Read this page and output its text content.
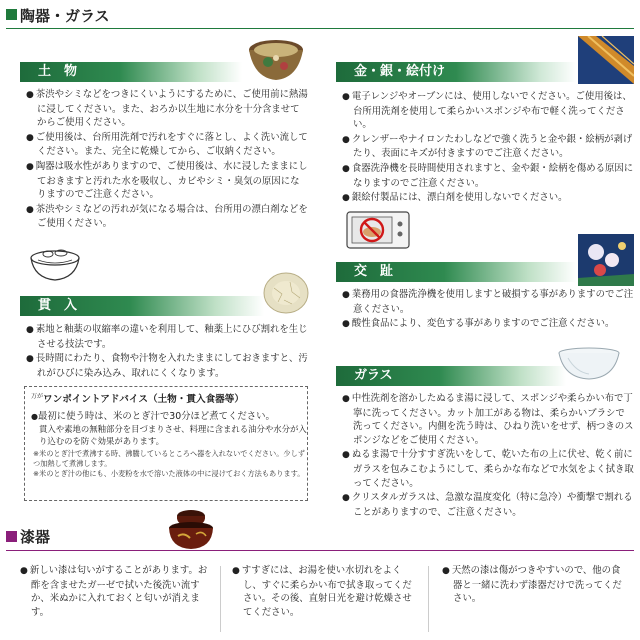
陶器・ガラス
土　物

● 茶渋やシミなどをつきにくいようにするために、ご使用前に熱湯に浸してください。また、おろか以生地に水分を十分含ませてからご使用ください。

● ご使用後は、台所用洗剤で汚れをすぐに落とし、よく洗い流してください。また、完全に乾燥してから、ご収納ください。

● 陶器は吸水性がありますので、ご使用後は、水に浸したままにしておきますと汚れた水を吸収し、カビやシミ・臭気の原因になりますのでご注意ください。

● 茶渋やシミなどの汚れが気になる場合は、台所用の漂白剤などをご使用ください。

貫　入

● 素地と釉薬の収縮率の違いを利用して、釉薬上にひび割れを生じさせる技法です。

● 長時間にわたり、食物や汁物を入れたままにしておきますと、汚れがひびに染み込み、取れにくくなります。

$^{万が}$ワンポイントアドバイス（土物・貫入食器等）
●最初に使う時は、米のとぎ汁で30分ほど煮てください。
貫入や素地の無釉部分を目づまりさせ、料理に含まれる油分や水分が入り込むのを防ぐ効果があります。
※米のとぎ汁で煮沸する時、沸騰しているところへ器を入れないでください。少しずつ加熱して煮沸します。
※米のとぎ汁の他にも、小麦粉を水で溶いた液体の中に浸けておく方法もあります。
金・銀・絵付け

● 電子レンジやオーブンには、使用しないでください。ご使用後は、台所用洗剤を使用して柔らかいスポンジや布で軽く洗ってください。

● クレンザーやナイロンたわしなどで強く洗うと金や銀・絵柄が剥げたり、表面にキズが付きますのでご注意ください。

● 食器洗浄機を長時間使用されますと、金や銀・絵柄を傷める原因になりますのでご注意ください。

● 銀絵付製品には、漂白剤を使用しないでください。

交　趾

● 業務用の食器洗浄機を使用しますと破損する事がありますのでご注意ください。

● 酸性食品により、変色する事がありますのでご注意ください。

ガラス

● 中性洗剤を溶かしたぬるま湯に浸して、スポンジや柔らかい布で丁寧に洗ってください。カット加工がある物は、柔らかいブラシで洗ってください。内側を洗う時は、ひねり洗いをせず、柄つきのスポンジなどをご使用ください。

● ぬるま湯で十分すすぎ洗いをして、乾いた布の上に伏せ、乾く前にガラスを包みこむようにして、柔らかな布などで水気をよく拭き取ってください。

● クリスタルガラスは、急激な温度変化（特に急冷）や衝撃で割れることがありますので、ご注意ください。

漆器

● 新しい漆は匂いがすることがあります。お酢を含ませたガーゼで拭いた後洗い流すか、米ぬかに入れておくと匂いが消えます。

● すすぎには、お湯を使い水切れをよくし、すぐに柔らかい布で拭き取ってください。その後、直射日光を避け乾燥させてください。

● 天然の漆は傷がつきやすいので、他の食器と一緒に洗わず漆器だけで洗ってください。
